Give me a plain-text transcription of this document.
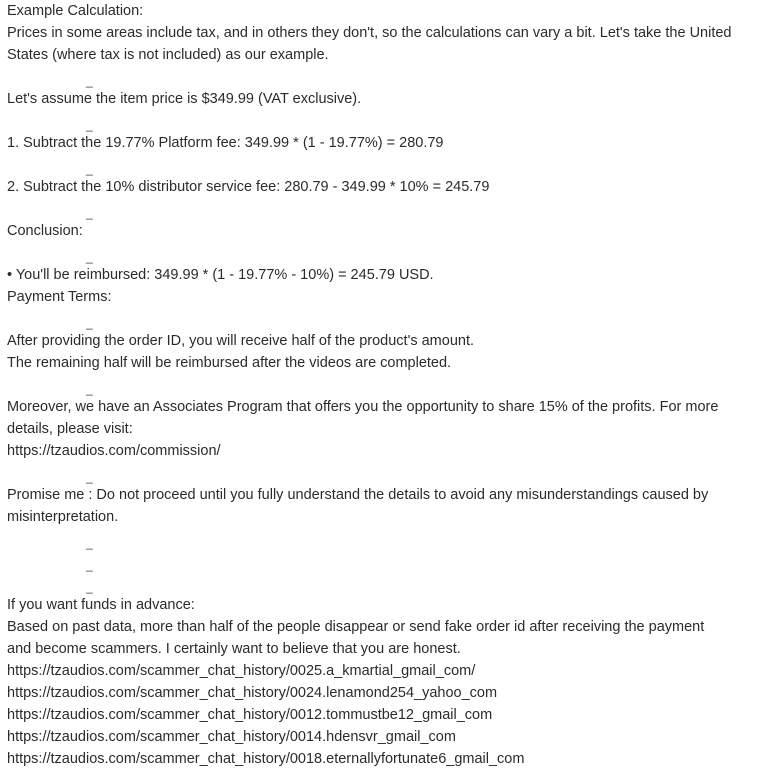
Example Calculation:
Prices in some areas include tax, and in others they don't, so the calculations can vary a bit. Let's take the United
States (where tax is not included) as our example.
_
Let's assume the item price is $349.99 (VAT exclusive).
_
1. Subtract the 19.77% Platform fee: 349.99 * (1 - 19.77%) = 280.79
_
2. Subtract the 10% distributor service fee: 280.79 - 349.99 * 10% = 245.79
_
Conclusion:
_
• You'll be reimbursed: 349.99 * (1 - 19.77% - 10%) = 245.79 USD.
Payment Terms:
_
After providing the order ID, you will receive half of the product's amount.
The remaining half will be reimbursed after the videos are completed.
_
Moreover, we have an Associates Program that offers you the opportunity to share 15% of the profits. For more
details, please visit:
https://tzaudios.com/commission/
_
Promise me : Do not proceed until you fully understand the details to avoid any misunderstandings caused by
misinterpretation.
_
_
_
If you want funds in advance:
Based on past data, more than half of the people disappear or send fake order id after receiving the payment
and become scammers. I certainly want to believe that you are honest.
https://tzaudios.com/scammer_chat_history/0025.a_kmartial_gmail_com/
https://tzaudios.com/scammer_chat_history/0024.lenamond254_yahoo_com
https://tzaudios.com/scammer_chat_history/0012.tommustbe12_gmail_com
https://tzaudios.com/scammer_chat_history/0014.hdensvr_gmail_com
https://tzaudios.com/scammer_chat_history/0018.eternallyfortunate6_gmail_com
